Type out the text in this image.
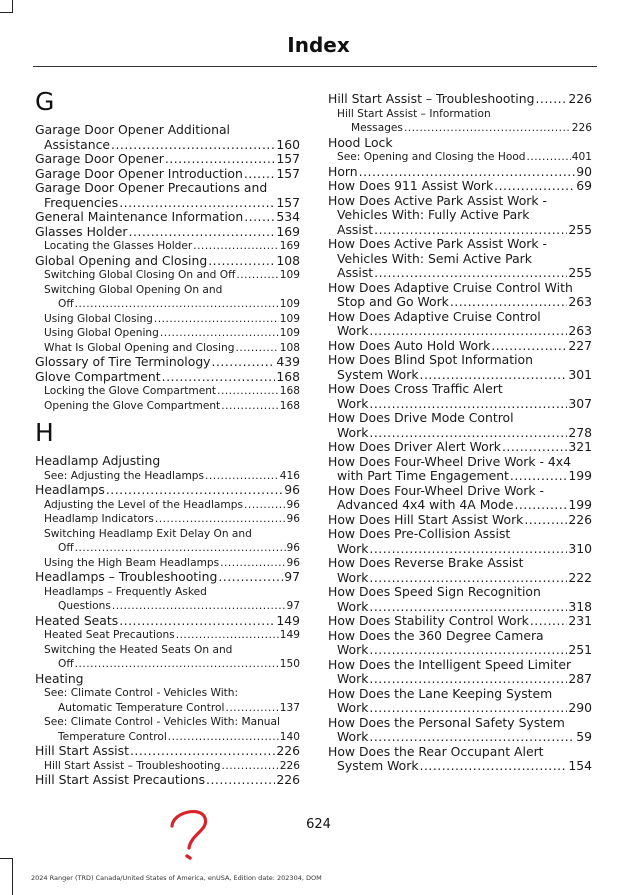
Index
G
H
Garage Door Opener Additional
Assistance .....	160
Garage Door Opener .....	157
Garage Door Opener Introduction .....	157
Garage Door Opener Precautions and
Frequencies .....	157
General Maintenance Information .....	534
Glasses Holder .....	169
Locating the Glasses Holder .....	169
Global Opening and Closing .....	108
Switching Global Closing On and Off .....	109
Switching Global Opening On and
Off .....	109
Using Global Closing .....	109
Using Global Opening .....	109
What Is Global Opening and Closing .....	108
Glossary of Tire Terminology .....	439
Glove Compartment .....	168
Locking the Glove Compartment .....	168
Opening the Glove Compartment .....	168
Headlamp Adjusting
See: Adjusting the Headlamps .....	416
Headlamps .....	96
Adjusting the Level of the Headlamps .....	96
Headlamp Indicators .....	96
Switching Headlamp Exit Delay On and
Off .....	96
Using the High Beam Headlamps .....	96
Headlamps – Troubleshooting .....	97
Headlamps – Frequently Asked
Questions .....	97
Heated Seats .....	149
Heated Seat Precautions .....	149
Switching the Heated Seats On and
Off .....	150
Heating
See: Climate Control - Vehicles With:
Automatic Temperature Control .....	137
See: Climate Control - Vehicles With: Manual
Temperature Control .....	140
Hill Start Assist .....	226
Hill Start Assist – Troubleshooting .....	226
Hill Start Assist Precautions .....	226
Hill Start Assist – Troubleshooting .....	226
Hill Start Assist – Information
Messages .....	226
Hood Lock
See: Opening and Closing the Hood .....	401
Horn .....	90
How Does 911 Assist Work .....	69
How Does Active Park Assist Work -
Vehicles With: Fully Active Park
Assist .....	255
How Does Active Park Assist Work -
Vehicles With: Semi Active Park
Assist .....	255
How Does Adaptive Cruise Control With
Stop and Go Work .....	263
How Does Adaptive Cruise Control
Work .....	263
How Does Auto Hold Work .....	227
How Does Blind Spot Information
System Work .....	301
How Does Cross Traffic Alert
Work .....	307
How Does Drive Mode Control
Work .....	278
How Does Driver Alert Work .....	321
How Does Four-Wheel Drive Work - 4x4
with Part Time Engagement .....	199
How Does Four-Wheel Drive Work -
Advanced 4x4 with 4A Mode .....	199
How Does Hill Start Assist Work .....	226
How Does Pre-Collision Assist
Work .....	310
How Does Reverse Brake Assist
Work .....	222
How Does Speed Sign Recognition
Work .....	318
How Does Stability Control Work .....	231
How Does the 360 Degree Camera
Work .....	251
How Does the Intelligent Speed Limiter
Work .....	287
How Does the Lane Keeping System
Work .....	290
How Does the Personal Safety System
Work .....	59
How Does the Rear Occupant Alert
System Work .....	154
624
2024 Ranger (TRD) Canada/United States of America, enUSA, Edition date: 202304, DOM
